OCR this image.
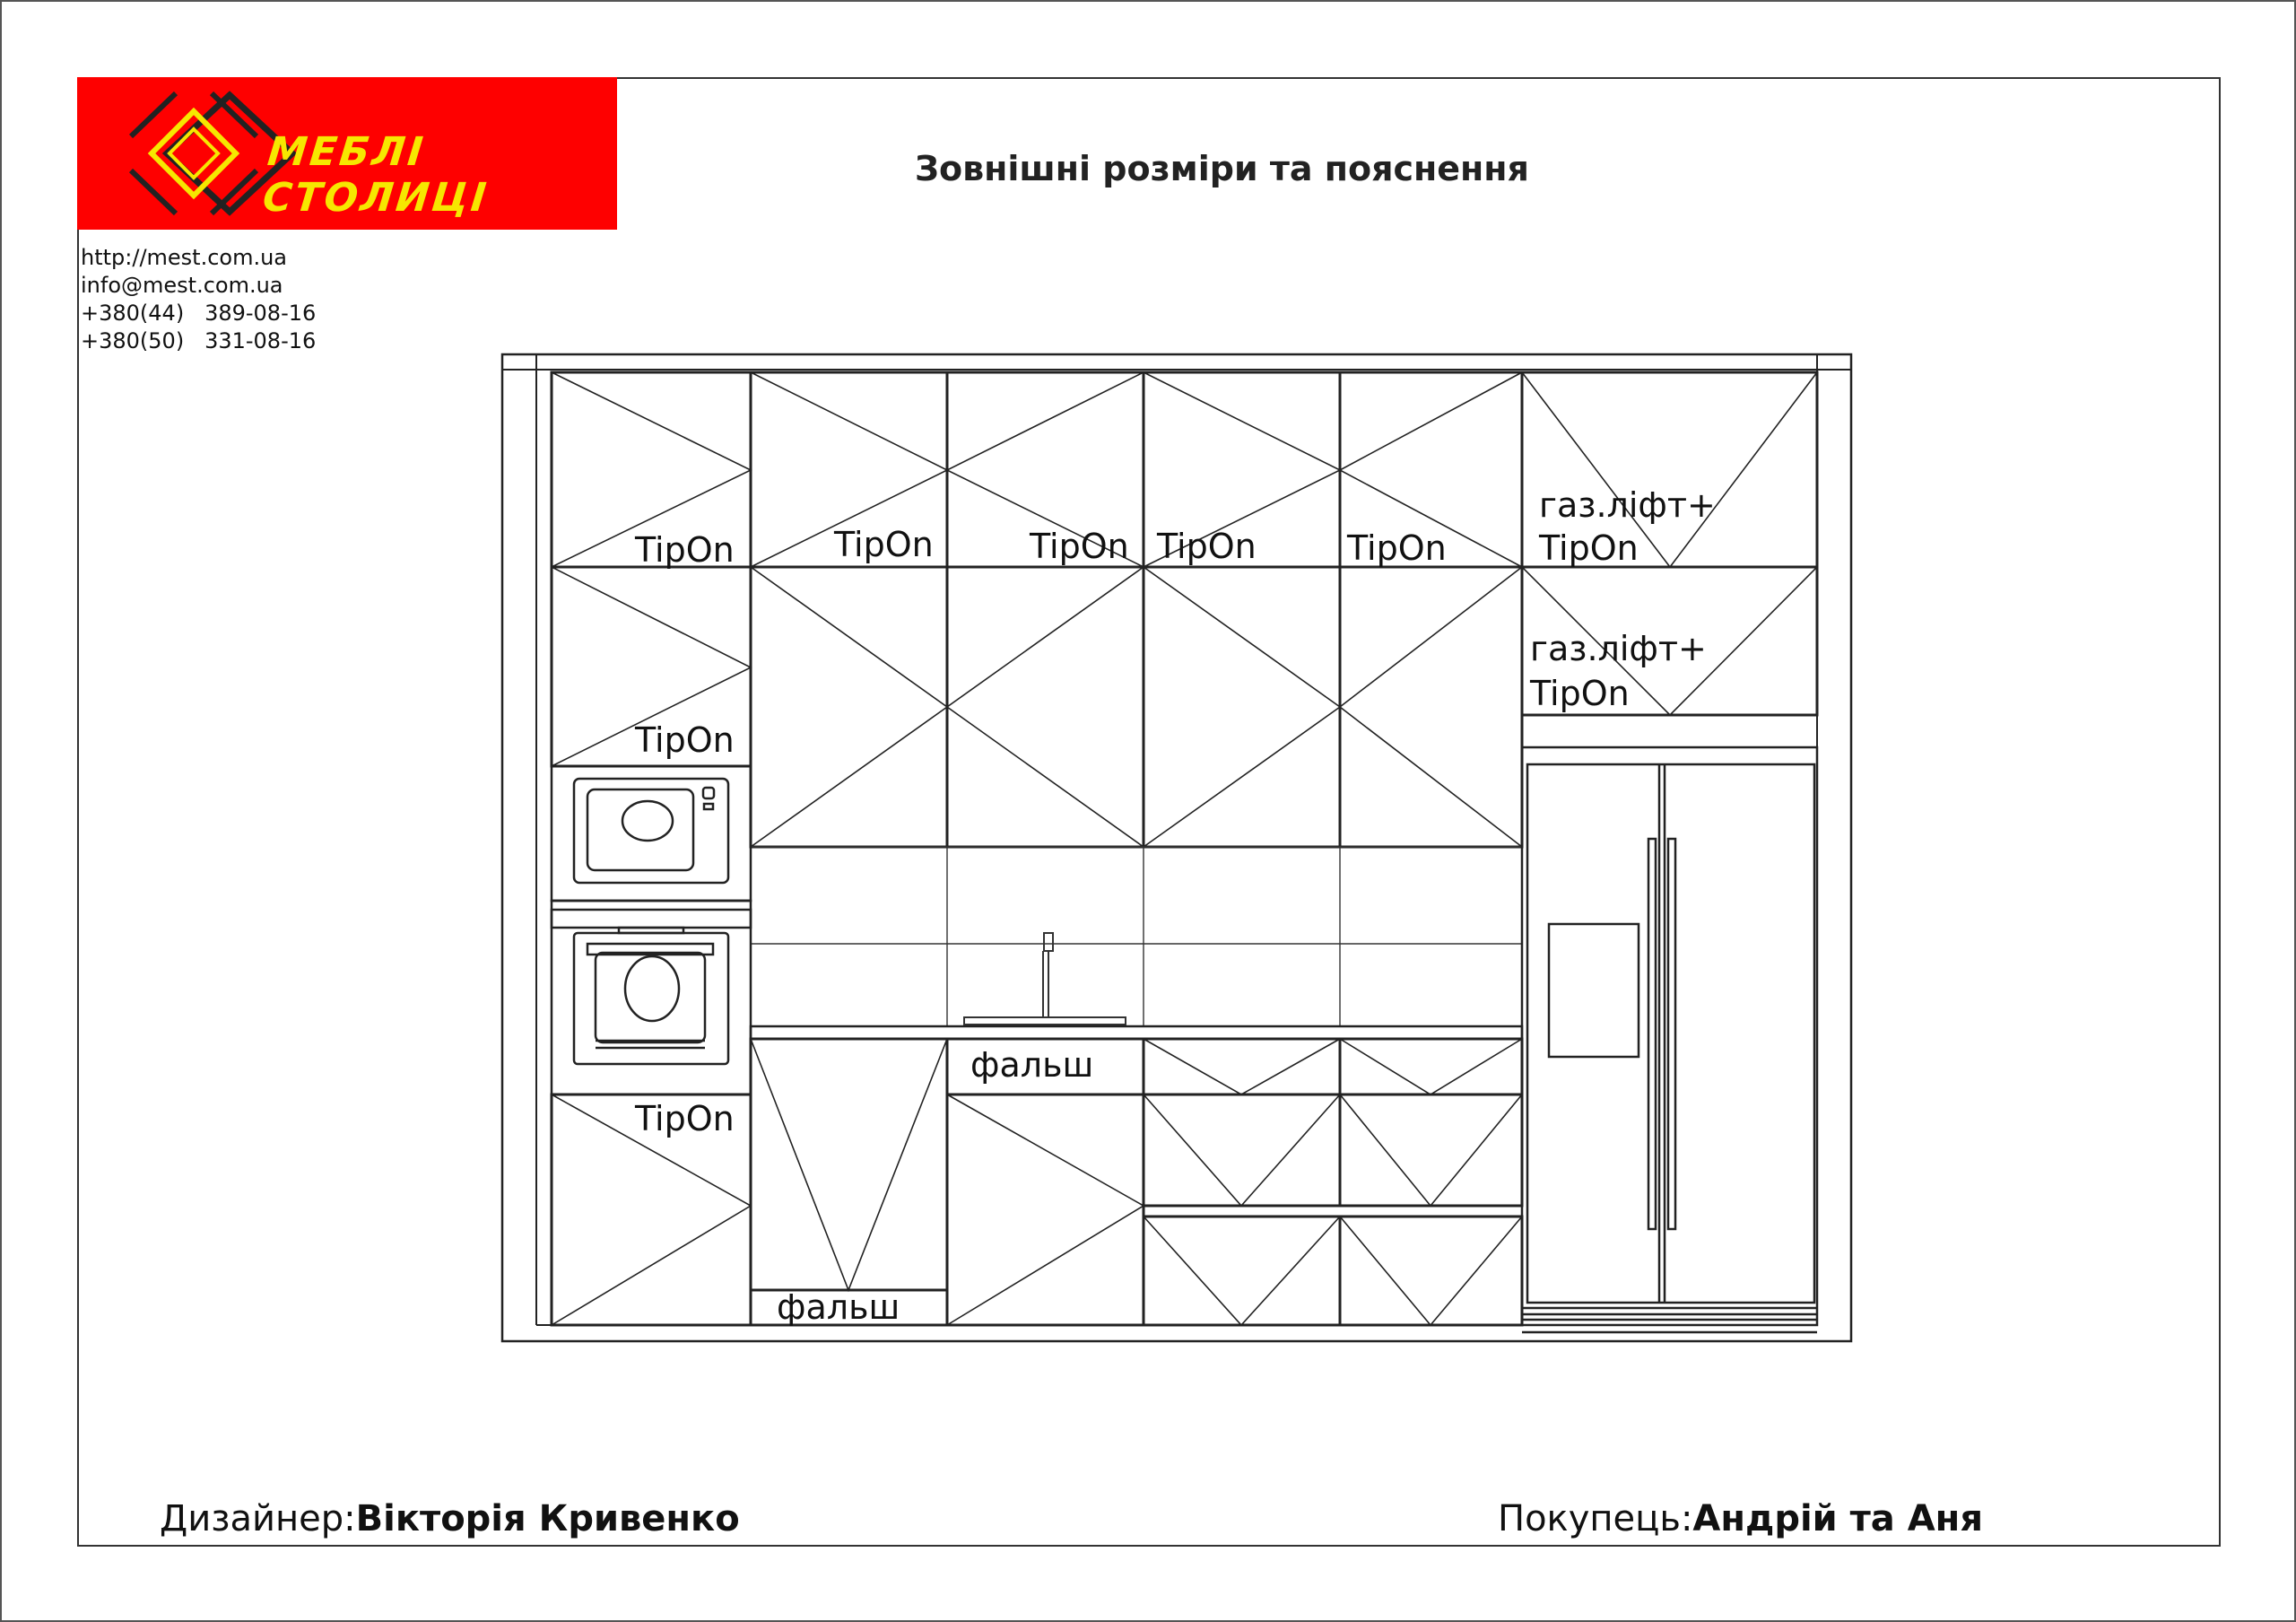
МЕБЛІ СТОЛИЦІ
http://mest.com.ua
info@mest.com.ua
+380(44)   389-08-16
+380(50)   331-08-16
Зовнішні розміри та пояснення
TipOn	TipOn	TipOn TipOn	TipOn
газ.ліфт+
TipOn
газ.ліфт+
TipOn
TipOn
TipOn
фальш
фальш
Дизайнер:Вікторія Кривенко	Покупець:Андрій та Аня
